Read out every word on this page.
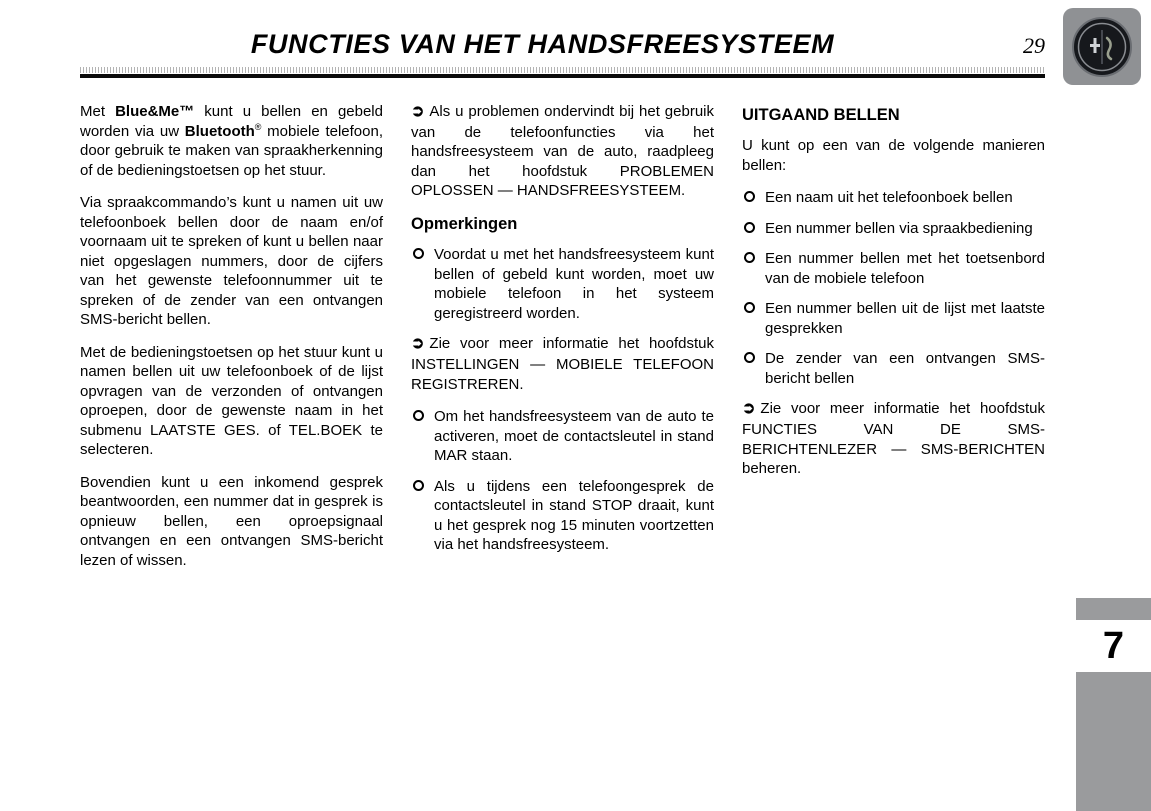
FUNCTIES VAN HET HANDSFREESYSTEEM	29

Met Blue&Me™ kunt u bellen en gebeld worden via uw Bluetooth® mobiele telefoon, door gebruik te maken van spraakherkenning of de bedieningstoetsen op het stuur.

Via spraakcommando’s kunt u namen uit uw telefoonboek bellen door de naam en/of voornaam uit te spreken of kunt u bellen naar niet opgeslagen nummers, door de cijfers van het gewenste telefoonnummer uit te spreken of de zender van een ontvangen SMS-bericht bellen.

Met de bedieningstoetsen op het stuur kunt u namen bellen uit uw telefoonboek of de lijst opvragen van de verzonden of ontvangen oproepen, door de gewenste naam in het submenu LAATSTE GES. of TEL.BOEK te selecteren.

Bovendien kunt u een inkomend gesprek beantwoorden, een nummer dat in gesprek is opnieuw bellen, een oproepsignaal ontvangen en een ontvangen SMS-bericht lezen of wissen.

➲ Als u problemen ondervindt bij het gebruik van de telefoonfuncties via het handsfreesysteem van de auto, raadpleeg dan het hoofdstuk PROBLEMEN OPLOSSEN — HANDSFREESYSTEEM.

Opmerkingen
Voordat u met het handsfreesysteem kunt bellen of gebeld kunt worden, moet uw mobiele telefoon in het systeem geregistreerd worden.

➲ Zie voor meer informatie het hoofdstuk INSTELLINGEN — MOBIELE TELEFOON REGISTREREN.

Om het handsfreesysteem van de auto te activeren, moet de contactsleutel in stand MAR staan.
Als u tijdens een telefoongesprek de contactsleutel in stand STOP draait, kunt u het gesprek nog 15 minuten voortzetten via het handsfreesysteem.
UITGAAND BELLEN

U kunt op een van de volgende manieren bellen:

Een naam uit het telefoonboek bellen
Een nummer bellen via spraakbediening
Een nummer bellen met het toetsenbord van de mobiele telefoon
Een nummer bellen uit de lijst met laatste gesprekken
De zender van een ontvangen SMS-bericht bellen

➲ Zie voor meer informatie het hoofdstuk FUNCTIES VAN DE SMS-BERICHTENLEZER — SMS-BERICHTEN beheren.

7
